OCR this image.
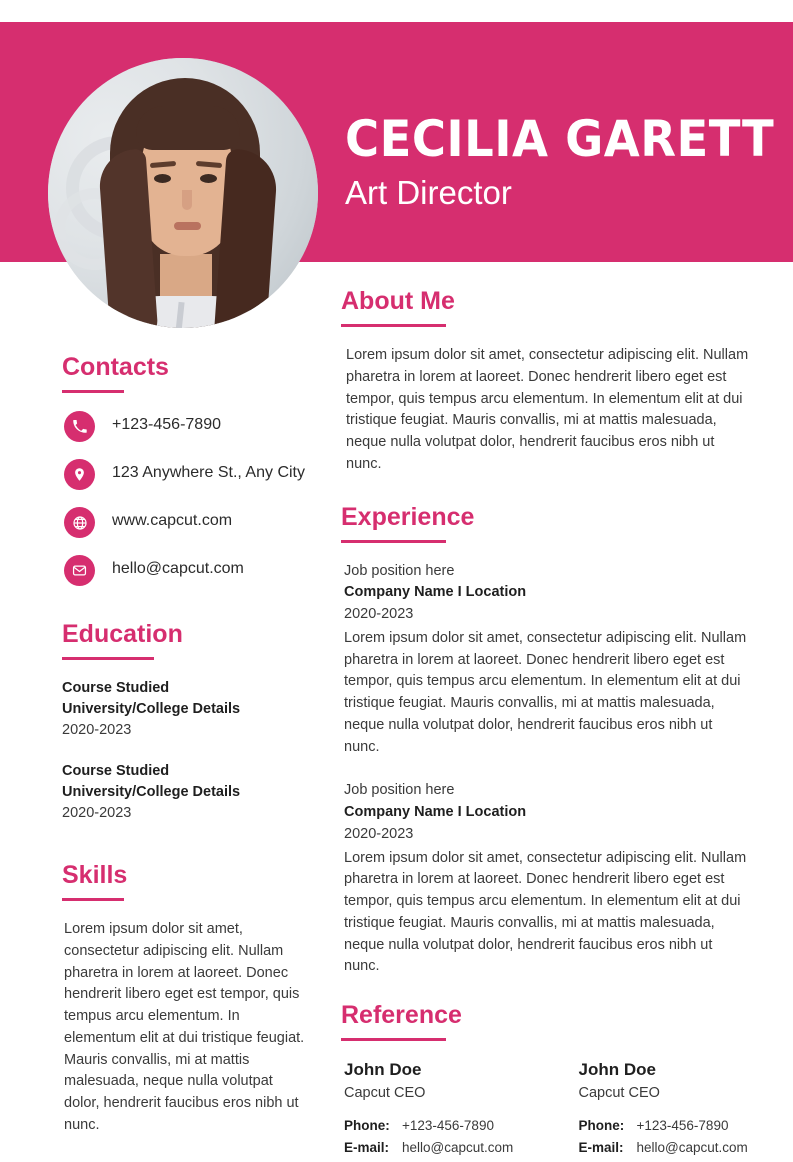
CECILIA GARETT
Art Director
Contacts
+123-456-7890
123 Anywhere St., Any City
www.capcut.com
hello@capcut.com
Education
Course Studied
University/College Details
2020-2023
Course Studied
University/College Details
2020-2023
Skills
Lorem ipsum dolor sit amet, consectetur adipiscing elit. Nullam pharetra in lorem at laoreet. Donec hendrerit libero eget est tempor, quis tempus arcu elementum. In elementum elit at dui tristique feugiat. Mauris convallis, mi at mattis malesuada, neque nulla volutpat dolor, hendrerit faucibus eros nibh ut nunc.
About Me
Lorem ipsum dolor sit amet, consectetur adipiscing elit. Nullam pharetra in lorem at laoreet. Donec hendrerit libero eget est tempor, quis tempus arcu elementum. In elementum elit at dui tristique feugiat. Mauris convallis, mi at mattis malesuada, neque nulla volutpat dolor, hendrerit faucibus eros nibh ut nunc.
Experience
Job position here
Company Name I Location
2020-2023
Lorem ipsum dolor sit amet, consectetur adipiscing elit. Nullam pharetra in lorem at laoreet. Donec hendrerit libero eget est tempor, quis tempus arcu elementum. In elementum elit at dui tristique feugiat. Mauris convallis, mi at mattis malesuada, neque nulla volutpat dolor, hendrerit faucibus eros nibh ut nunc.
Job position here
Company Name I Location
2020-2023
Lorem ipsum dolor sit amet, consectetur adipiscing elit. Nullam pharetra in lorem at laoreet. Donec hendrerit libero eget est tempor, quis tempus arcu elementum. In elementum elit at dui tristique feugiat. Mauris convallis, mi at mattis malesuada, neque nulla volutpat dolor, hendrerit faucibus eros nibh ut nunc.
Reference
John Doe
Capcut CEO
Phone: +123-456-7890
E-mail: hello@capcut.com
John Doe
Capcut CEO
Phone: +123-456-7890
E-mail: hello@capcut.com
